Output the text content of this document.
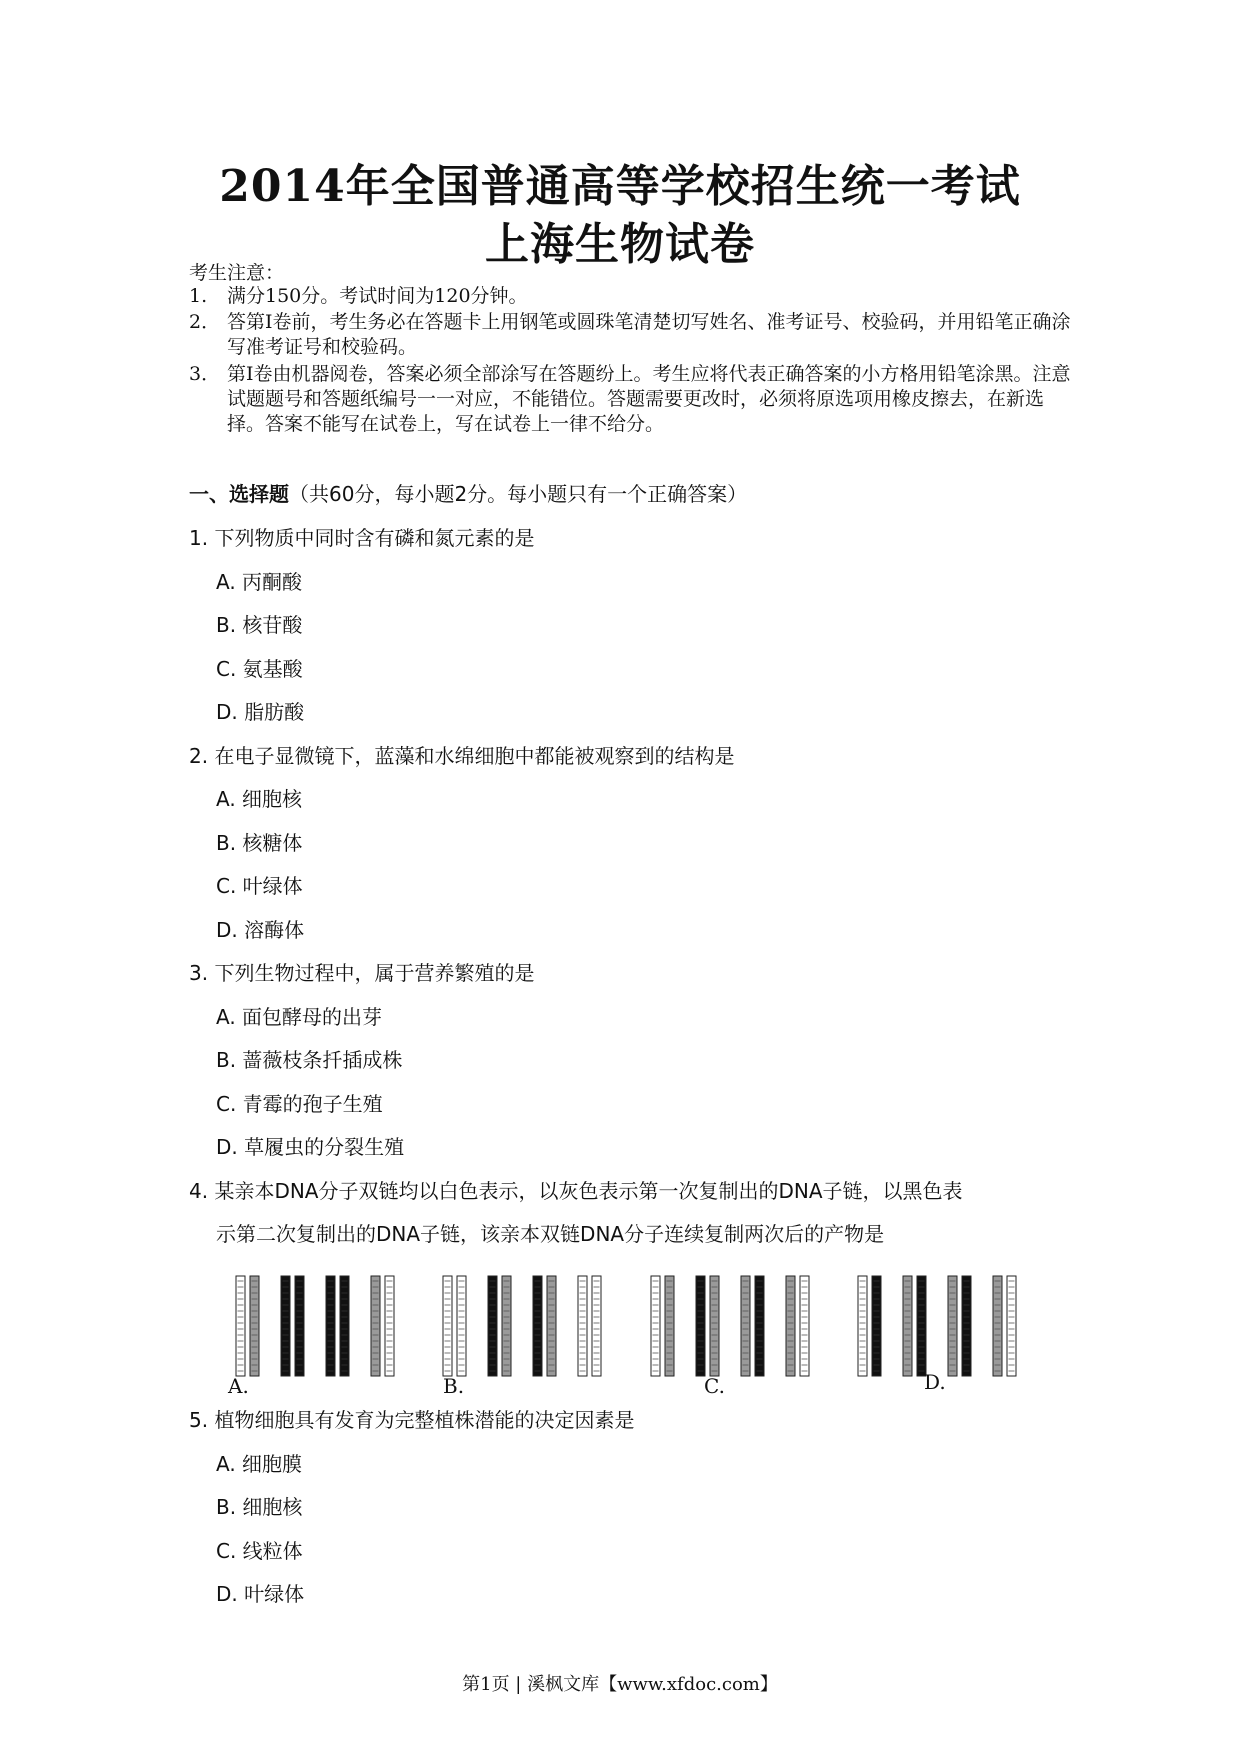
2014年全国普通高等学校招生统一考试
上海生物试卷
考生注意：
1. 满分150分。考试时间为120分钟。
2． 答第Ⅰ卷前，考生务必在答题卡上用钢笔或圆珠笔清楚切写姓名、准考证号、校验码，并用铅笔正确涂写准考证号和校验码。
3． 第Ⅰ卷由机器阅卷，答案必须全部涂写在答题纷上。考生应将代表正确答案的小方格用铅笔涂黑。注意试题题号和答题纸编号一一对应，不能错位。答题需要更改时，必须将原选项用橡皮擦去，在新选择。答案不能写在试卷上，写在试卷上一律不给分。
一、选择题（共60分，每小题2分。每小题只有一个正确答案）
1. 下列物质中同时含有磷和氮元素的是
A. 丙酮酸
B. 核苷酸
C. 氨基酸
D. 脂肪酸
2. 在电子显微镜下，蓝藻和水绵细胞中都能被观察到的结构是
A. 细胞核
B. 核糖体
C. 叶绿体
D. 溶酶体
3. 下列生物过程中，属于营养繁殖的是
A. 面包酵母的出芽
B. 蔷薇枝条扦插成株
C. 青霉的孢子生殖
D. 草履虫的分裂生殖
4. 某亲本DNA分子双链均以白色表示，以灰色表示第一次复制出的DNA子链，以黑色表
示第二次复制出的DNA子链，该亲本双链DNA分子连续复制两次后的产物是
A.	B.	C.	D.
5. 植物细胞具有发育为完整植株潜能的决定因素是
A. 细胞膜
B. 细胞核
C. 线粒体
D. 叶绿体
第1页 | 溪枫文库【www.xfdoc.com】
